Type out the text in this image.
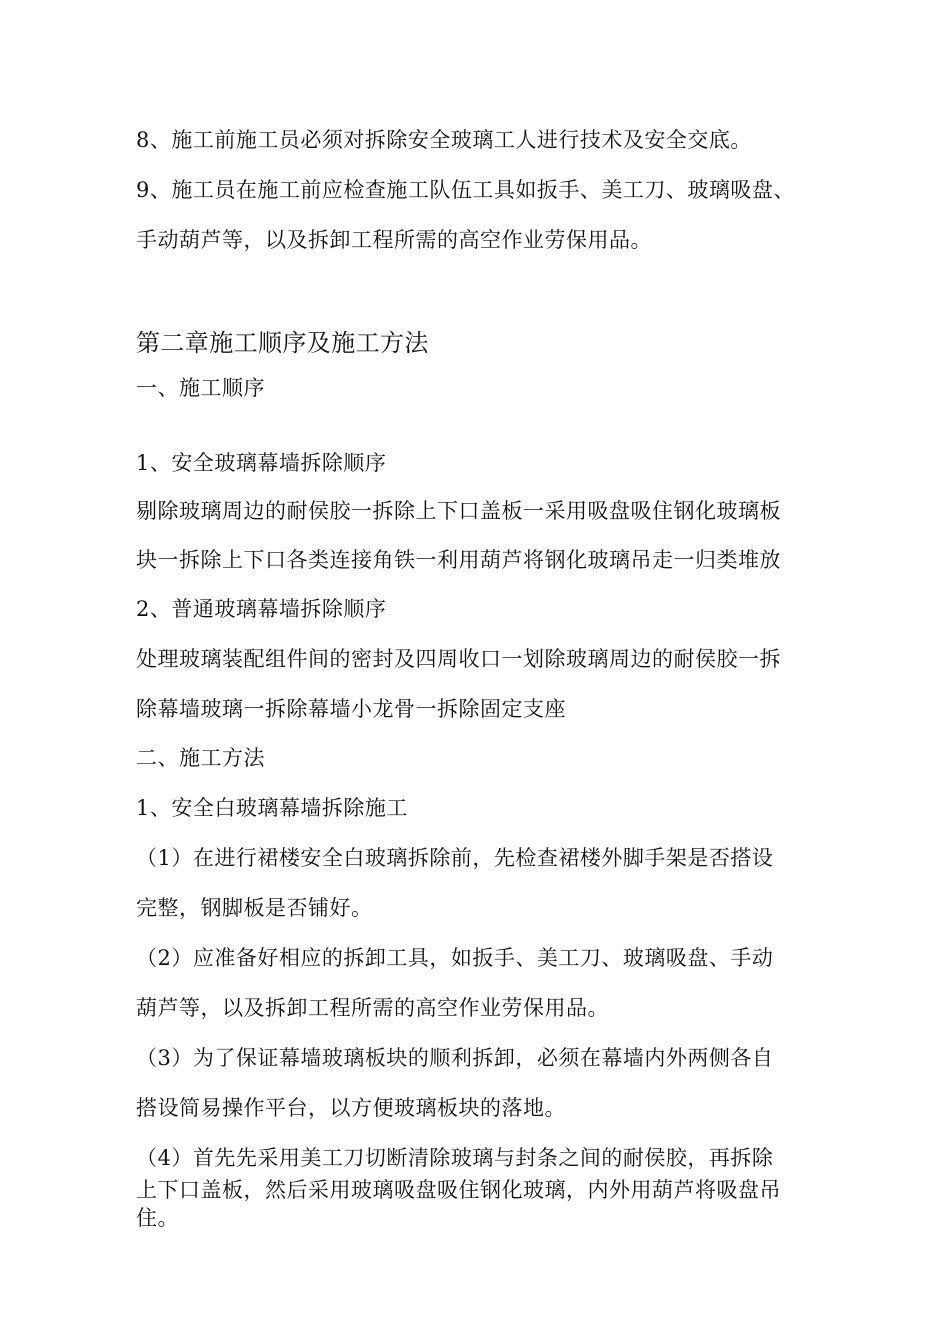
8、施工前施工员必须对拆除安全玻璃工人进行技术及安全交底。
9、施工员在施工前应检查施工队伍工具如扳手、美工刀、玻璃吸盘、
手动葫芦等，以及拆卸工程所需的高空作业劳保用品。
第二章施工顺序及施工方法
一、施工顺序
1、安全玻璃幕墙拆除顺序
剔除玻璃周边的耐侯胶一拆除上下口盖板一采用吸盘吸住钢化玻璃板
块一拆除上下口各类连接角铁一利用葫芦将钢化玻璃吊走一归类堆放
2、普通玻璃幕墙拆除顺序
处理玻璃装配组件间的密封及四周收口一划除玻璃周边的耐侯胶一拆
除幕墙玻璃一拆除幕墙小龙骨一拆除固定支座
二、施工方法
1、安全白玻璃幕墙拆除施工
（1）在进行裙楼安全白玻璃拆除前，先检查裙楼外脚手架是否搭设
完整，钢脚板是否铺好。
（2）应准备好相应的拆卸工具，如扳手、美工刀、玻璃吸盘、手动
葫芦等，以及拆卸工程所需的高空作业劳保用品。
（3）为了保证幕墙玻璃板块的顺利拆卸，必须在幕墙内外两侧各自
搭设简易操作平台，以方便玻璃板块的落地。
（4）首先先采用美工刀切断清除玻璃与封条之间的耐侯胶，再拆除
上下口盖板，然后采用玻璃吸盘吸住钢化玻璃，内外用葫芦将吸盘吊
住。
